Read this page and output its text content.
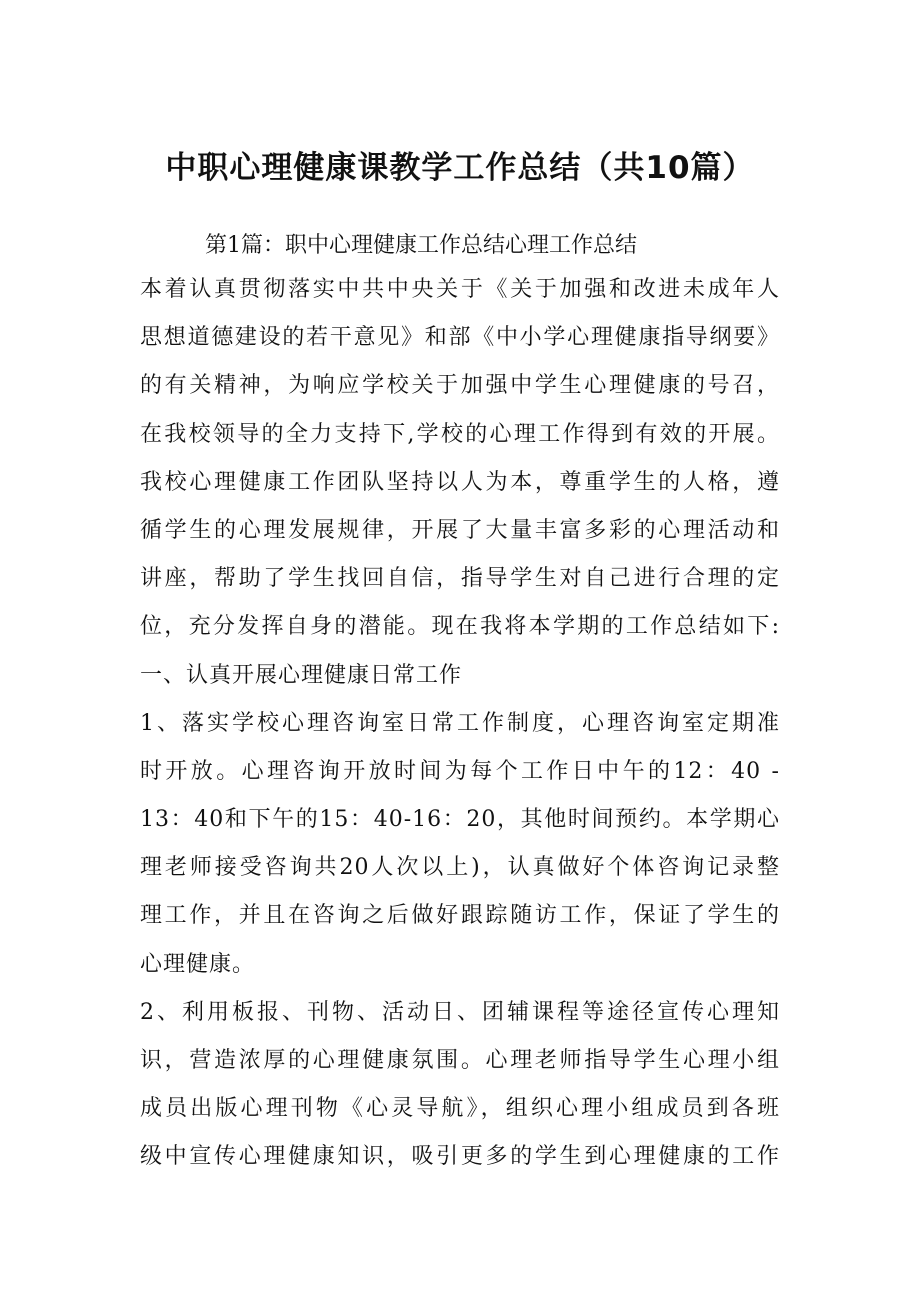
中职心理健康课教学工作总结（共10篇）

第1篇：职中心理健康工作总结心理工作总结

本着认真贯彻落实中共中央关于《关于加强和改进未成年人
思想道德建设的若干意见》和部《中小学心理健康指导纲要》
的有关精神，为响应学校关于加强中学生心理健康的号召，
在我校领导的全力支持下,学校的心理工作得到有效的开展。
我校心理健康工作团队坚持以人为本，尊重学生的人格，遵
循学生的心理发展规律，开展了大量丰富多彩的心理活动和
讲座，帮助了学生找回自信，指导学生对自己进行合理的定
位，充分发挥自身的潜能。现在我将本学期的工作总结如下:
一、认真开展心理健康日常工作
1、落实学校心理咨询室日常工作制度，心理咨询室定期准
时开放。心理咨询开放时间为每个工作日中午的12：40 -
13：40和下午的15：40-16：20，其他时间预约。本学期心
理老师接受咨询共20人次以上)，认真做好个体咨询记录整
理工作，并且在咨询之后做好跟踪随访工作，保证了学生的
心理健康。
2、利用板报、刊物、活动日、团辅课程等途径宣传心理知
识，营造浓厚的心理健康氛围。心理老师指导学生心理小组
成员出版心理刊物《心灵导航》，组织心理小组成员到各班
级中宣传心理健康知识，吸引更多的学生到心理健康的工作
